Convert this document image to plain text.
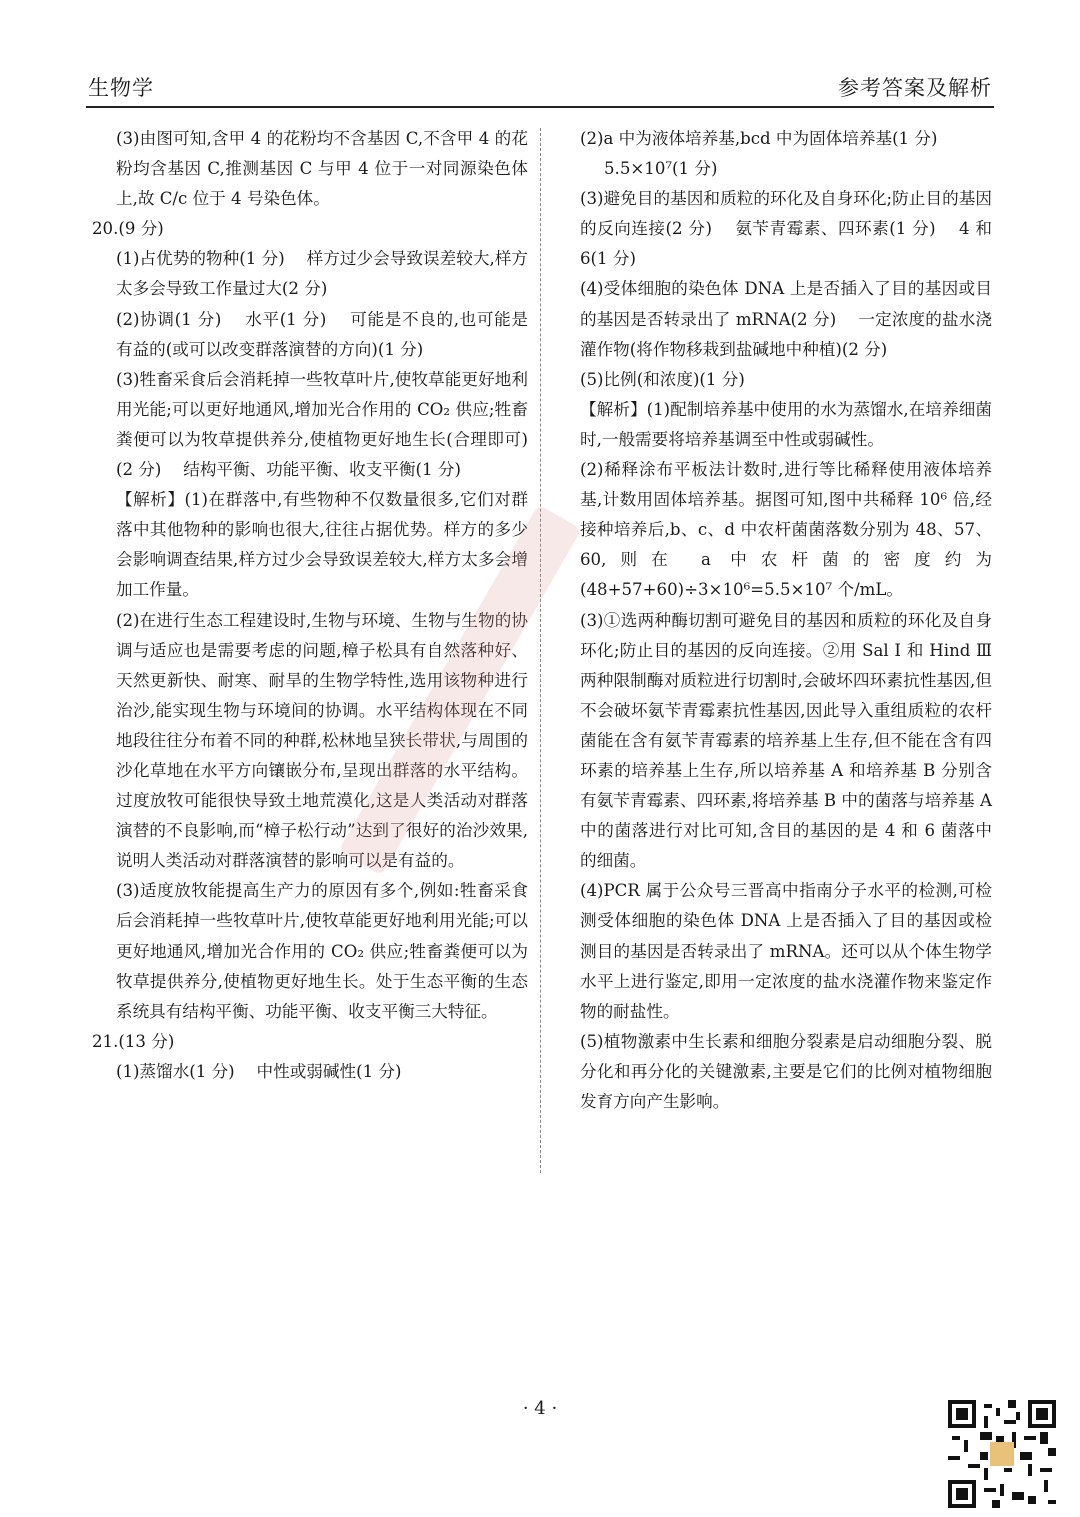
生物学	参考答案及解析

(3)由图可知,含甲 4 的花粉均不含基因 C,不含甲 4 的花粉均含基因 C,推测基因 C 与甲 4 位于一对同源染色体上,故 C/c 位于 4 号染色体。

20.(9 分)

(1)占优势的物种(1 分)　 样方过少会导致误差较大,样方太多会导致工作量过大(2 分)

(2)协调(1 分)　 水平(1 分)　 可能是不良的,也可能是有益的(或可以改变群落演替的方向)(1 分)

(3)牲畜采食后会消耗掉一些牧草叶片,使牧草能更好地利用光能;可以更好地通风,增加光合作用的 CO₂ 供应;牲畜粪便可以为牧草提供养分,使植物更好地生长(合理即可)(2 分)　 结构平衡、功能平衡、收支平衡(1 分)

【解析】(1)在群落中,有些物种不仅数量很多,它们对群落中其他物种的影响也很大,往往占据优势。样方的多少会影响调查结果,样方过少会导致误差较大,样方太多会增加工作量。

(2)在进行生态工程建设时,生物与环境、生物与生物的协调与适应也是需要考虑的问题,樟子松具有自然落种好、天然更新快、耐寒、耐旱的生物学特性,选用该物种进行治沙,能实现生物与环境间的协调。水平结构体现在不同地段往往分布着不同的种群,松林地呈狭长带状,与周围的沙化草地在水平方向镶嵌分布,呈现出群落的水平结构。过度放牧可能很快导致土地荒漠化,这是人类活动对群落演替的不良影响,而“樟子松行动”达到了很好的治沙效果,说明人类活动对群落演替的影响可以是有益的。

(3)适度放牧能提高生产力的原因有多个,例如:牲畜采食后会消耗掉一些牧草叶片,使牧草能更好地利用光能;可以更好地通风,增加光合作用的 CO₂ 供应;牲畜粪便可以为牧草提供养分,使植物更好地生长。处于生态平衡的生态系统具有结构平衡、功能平衡、收支平衡三大特征。

21.(13 分)

(1)蒸馏水(1 分)　 中性或弱碱性(1 分)

(2)a 中为液体培养基,bcd 中为固体培养基(1 分)

5.5×10⁷(1 分)

(3)避免目的基因和质粒的环化及自身环化;防止目的基因的反向连接(2 分)　 氨苄青霉素、四环素(1 分)　 4 和 6(1 分)

(4)受体细胞的染色体 DNA 上是否插入了目的基因或目的基因是否转录出了 mRNA(2 分)　 一定浓度的盐水浇灌作物(将作物移栽到盐碱地中种植)(2 分)

(5)比例(和浓度)(1 分)

【解析】(1)配制培养基中使用的水为蒸馏水,在培养细菌时,一般需要将培养基调至中性或弱碱性。

(2)稀释涂布平板法计数时,进行等比稀释使用液体培养基,计数用固体培养基。据图可知,图中共稀释 10⁶ 倍,经接种培养后,b、c、d 中农杆菌菌落数分别为 48、57、60,则在 a 中农杆菌的密度约为(48+57+60)÷3×10⁶=5.5×10⁷ 个/mL。

(3)①选两种酶切割可避免目的基因和质粒的环化及自身环化;防止目的基因的反向连接。②用 Sal Ⅰ 和 Hind Ⅲ 两种限制酶对质粒进行切割时,会破坏四环素抗性基因,但不会破坏氨苄青霉素抗性基因,因此导入重组质粒的农杆菌能在含有氨苄青霉素的培养基上生存,但不能在含有四环素的培养基上生存,所以培养基 A 和培养基 B 分别含有氨苄青霉素、四环素,将培养基 B 中的菌落与培养基 A 中的菌落进行对比可知,含目的基因的是 4 和 6 菌落中的细菌。

(4)PCR 属于公众号三晋高中指南分子水平的检测,可检测受体细胞的染色体 DNA 上是否插入了目的基因或检测目的基因是否转录出了 mRNA。还可以从个体生物学水平上进行鉴定,即用一定浓度的盐水浇灌作物来鉴定作物的耐盐性。

(5)植物激素中生长素和细胞分裂素是启动细胞分裂、脱分化和再分化的关键激素,主要是它们的比例对植物细胞发育方向产生影响。

· 4 ·
